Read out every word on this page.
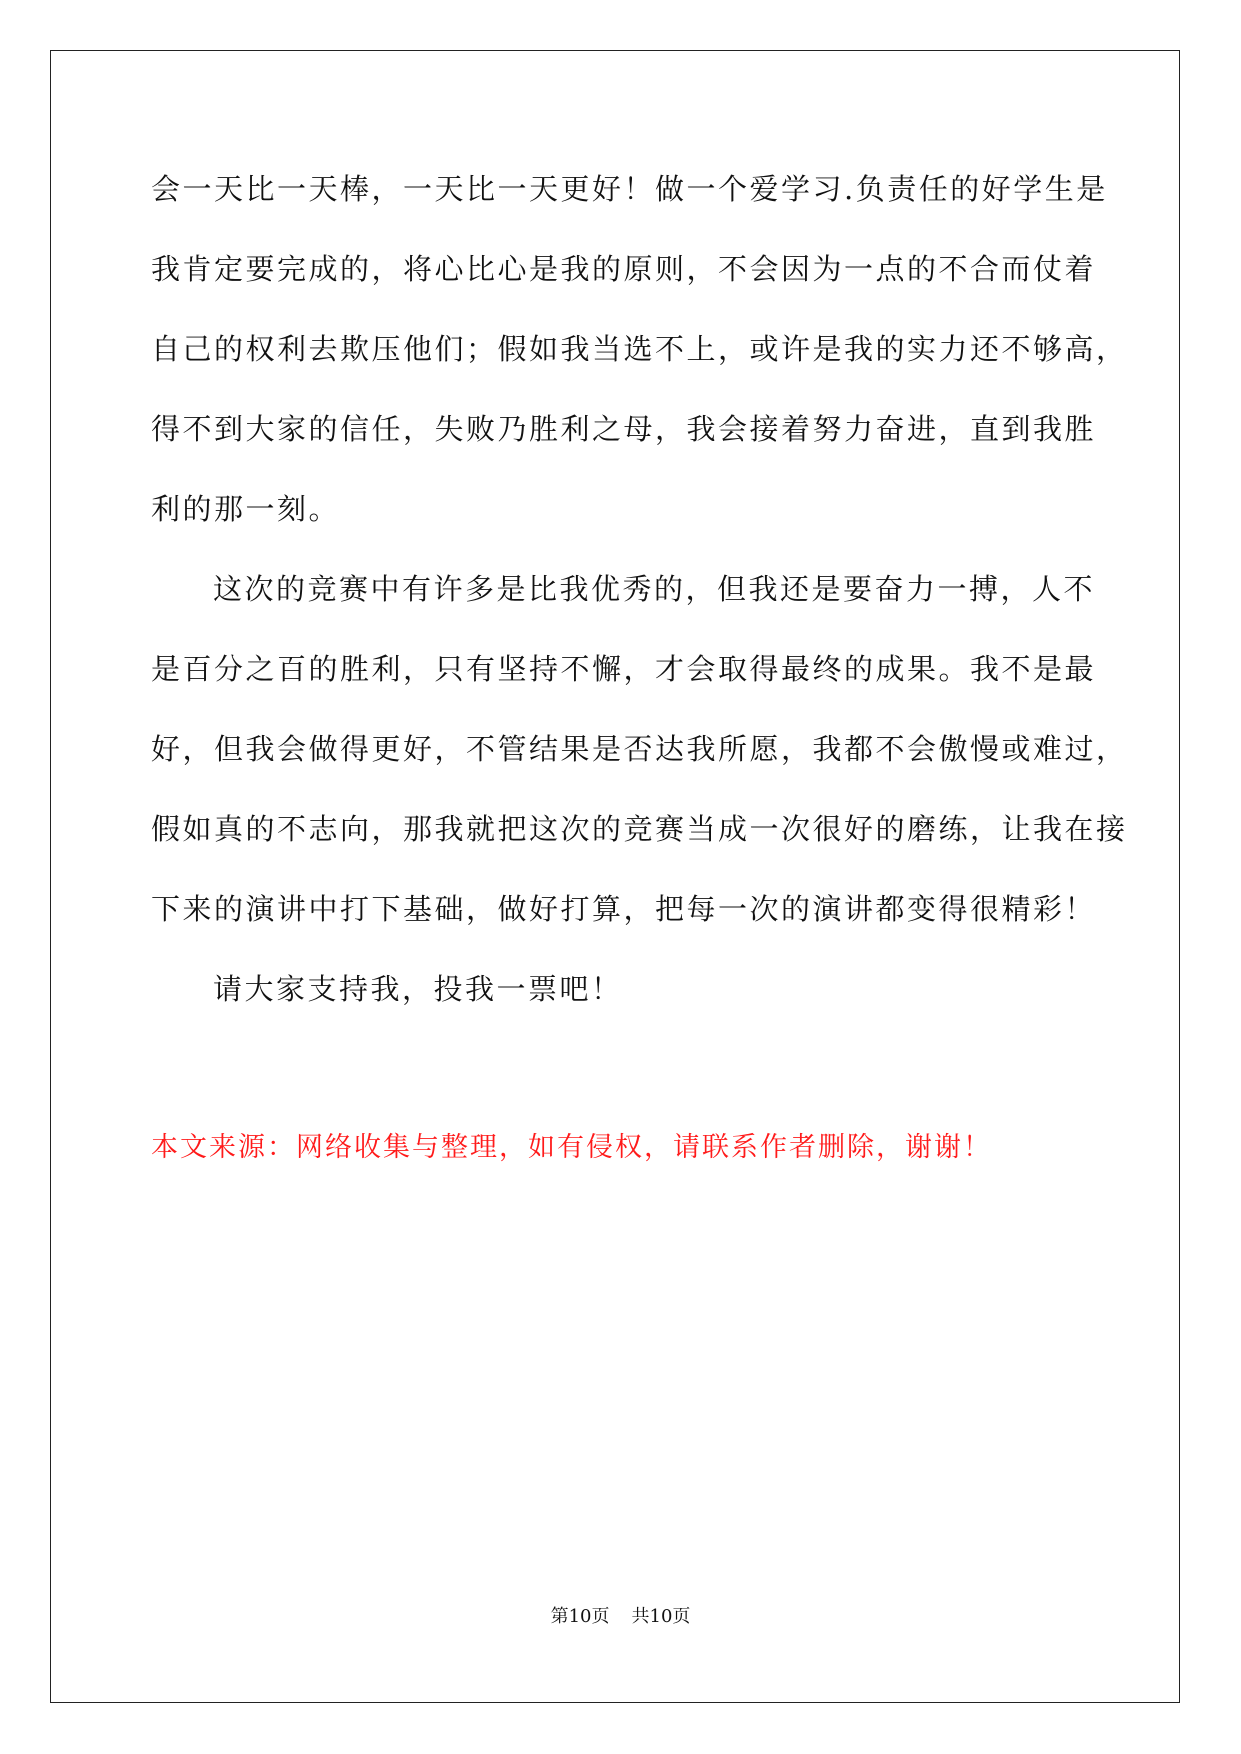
会一天比一天棒，一天比一天更好！做一个爱学习.负责任的好学生是
我肯定要完成的，将心比心是我的原则，不会因为一点的不合而仗着
自己的权利去欺压他们；假如我当选不上，或许是我的实力还不够高，
得不到大家的信任，失败乃胜利之母，我会接着努力奋进，直到我胜
利的那一刻。
这次的竞赛中有许多是比我优秀的，但我还是要奋力一搏，人不
是百分之百的胜利，只有坚持不懈，才会取得最终的成果。我不是最
好，但我会做得更好，不管结果是否达我所愿，我都不会傲慢或难过，
假如真的不志向，那我就把这次的竞赛当成一次很好的磨练，让我在接
下来的演讲中打下基础，做好打算，把每一次的演讲都变得很精彩！
请大家支持我，投我一票吧！
本文来源：网络收集与整理，如有侵权，请联系作者删除，谢谢！
第10页 共10页
